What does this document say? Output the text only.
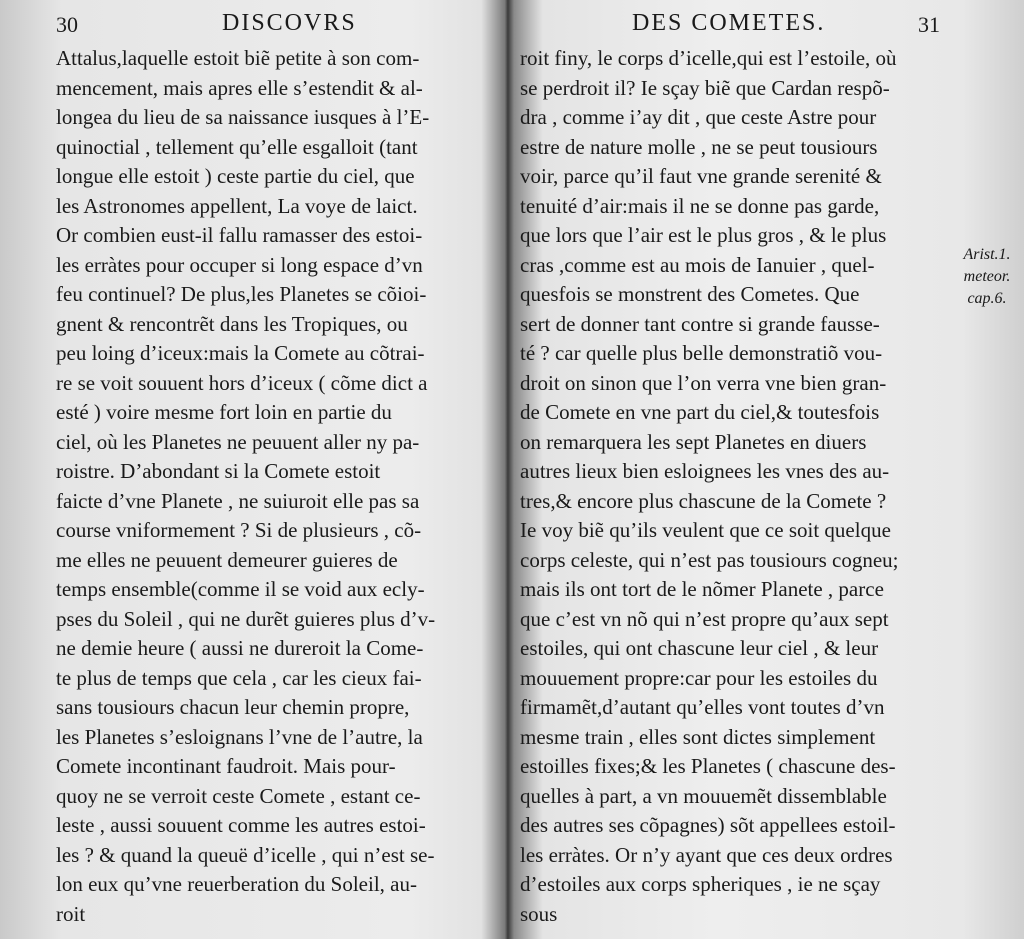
30	DISCOVRS
Attalus,laquelle estoit biẽ petite à son com-
mencement, mais apres elle s’estendit & al-
longea du lieu de sa naissance iusques à l’E-
quinoctial , tellement qu’elle esgalloit (tant
longue elle estoit ) ceste partie du ciel, que
les Astronomes appellent, La voye de laict.
Or combien eust-il fallu ramasser des estoi-
les erràtes pour occuper si long espace d’vn
feu continuel? De plus,les Planetes se cõioi-
gnent & rencontrẽt dans les Tropiques, ou
peu loing d’iceux:mais la Comete au cõtrai-
re se voit souuent hors d’iceux ( cõme dict a
esté ) voire mesme fort loin en partie du
ciel, où les Planetes ne peuuent aller ny pa-
roistre. D’abondant si la Comete estoit
faicte d’vne Planete , ne suiuroit elle pas sa
course vniformement ? Si de plusieurs , cõ-
me elles ne peuuent demeurer guieres de
temps ensemble(comme il se void aux ecly-
pses du Soleil , qui ne durẽt guieres plus d’v-
ne demie heure ( aussi ne dureroit la Come-
te plus de temps que cela , car les cieux fai-
sans tousiours chacun leur chemin propre,
les Planetes s’esloignans l’vne de l’autre, la
Comete incontinant faudroit. Mais pour-
quoy ne se verroit ceste Comete , estant ce-
leste , aussi souuent comme les autres estoi-
les ? & quand la queuë d’icelle , qui n’est se-
lon eux qu’vne reuerberation du Soleil, au-
roit
DES COMETES.	31
roit finy, le corps d’icelle,qui est l’estoile, où
se perdroit il? Ie sçay biẽ que Cardan respõ-
dra , comme i’ay dit , que ceste Astre pour
estre de nature molle , ne se peut tousiours
voir, parce qu’il faut vne grande serenité &
tenuité d’air:mais il ne se donne pas garde,
que lors que l’air est le plus gros , & le plus
cras ,comme est au mois de Ianuier , quel-
quesfois se monstrent des Cometes. Que
sert de donner tant contre si grande fausse-
té ? car quelle plus belle demonstratiõ vou-
droit on sinon que l’on verra vne bien gran-
de Comete en vne part du ciel,& toutesfois
on remarquera les sept Planetes en diuers
autres lieux bien esloignees les vnes des au-
tres,& encore plus chascune de la Comete ?
Ie voy biẽ qu’ils veulent que ce soit quelque
corps celeste, qui n’est pas tousiours cogneu;
mais ils ont tort de le nõmer Planete , parce
que c’est vn nõ qui n’est propre qu’aux sept
estoiles, qui ont chascune leur ciel , & leur
mouuement propre:car pour les estoiles du
firmamẽt,d’autant qu’elles vont toutes d’vn
mesme train , elles sont dictes simplement
estoilles fixes;& les Planetes ( chascune des-
quelles à part, a vn mouuemẽt dissemblable
des autres ses cõpagnes) sõt appellees estoil-
les erràtes. Or n’y ayant que ces deux ordres
d’estoiles aux corps spheriques , ie ne sçay
sous
Arist.1.
meteor.
cap.6.
